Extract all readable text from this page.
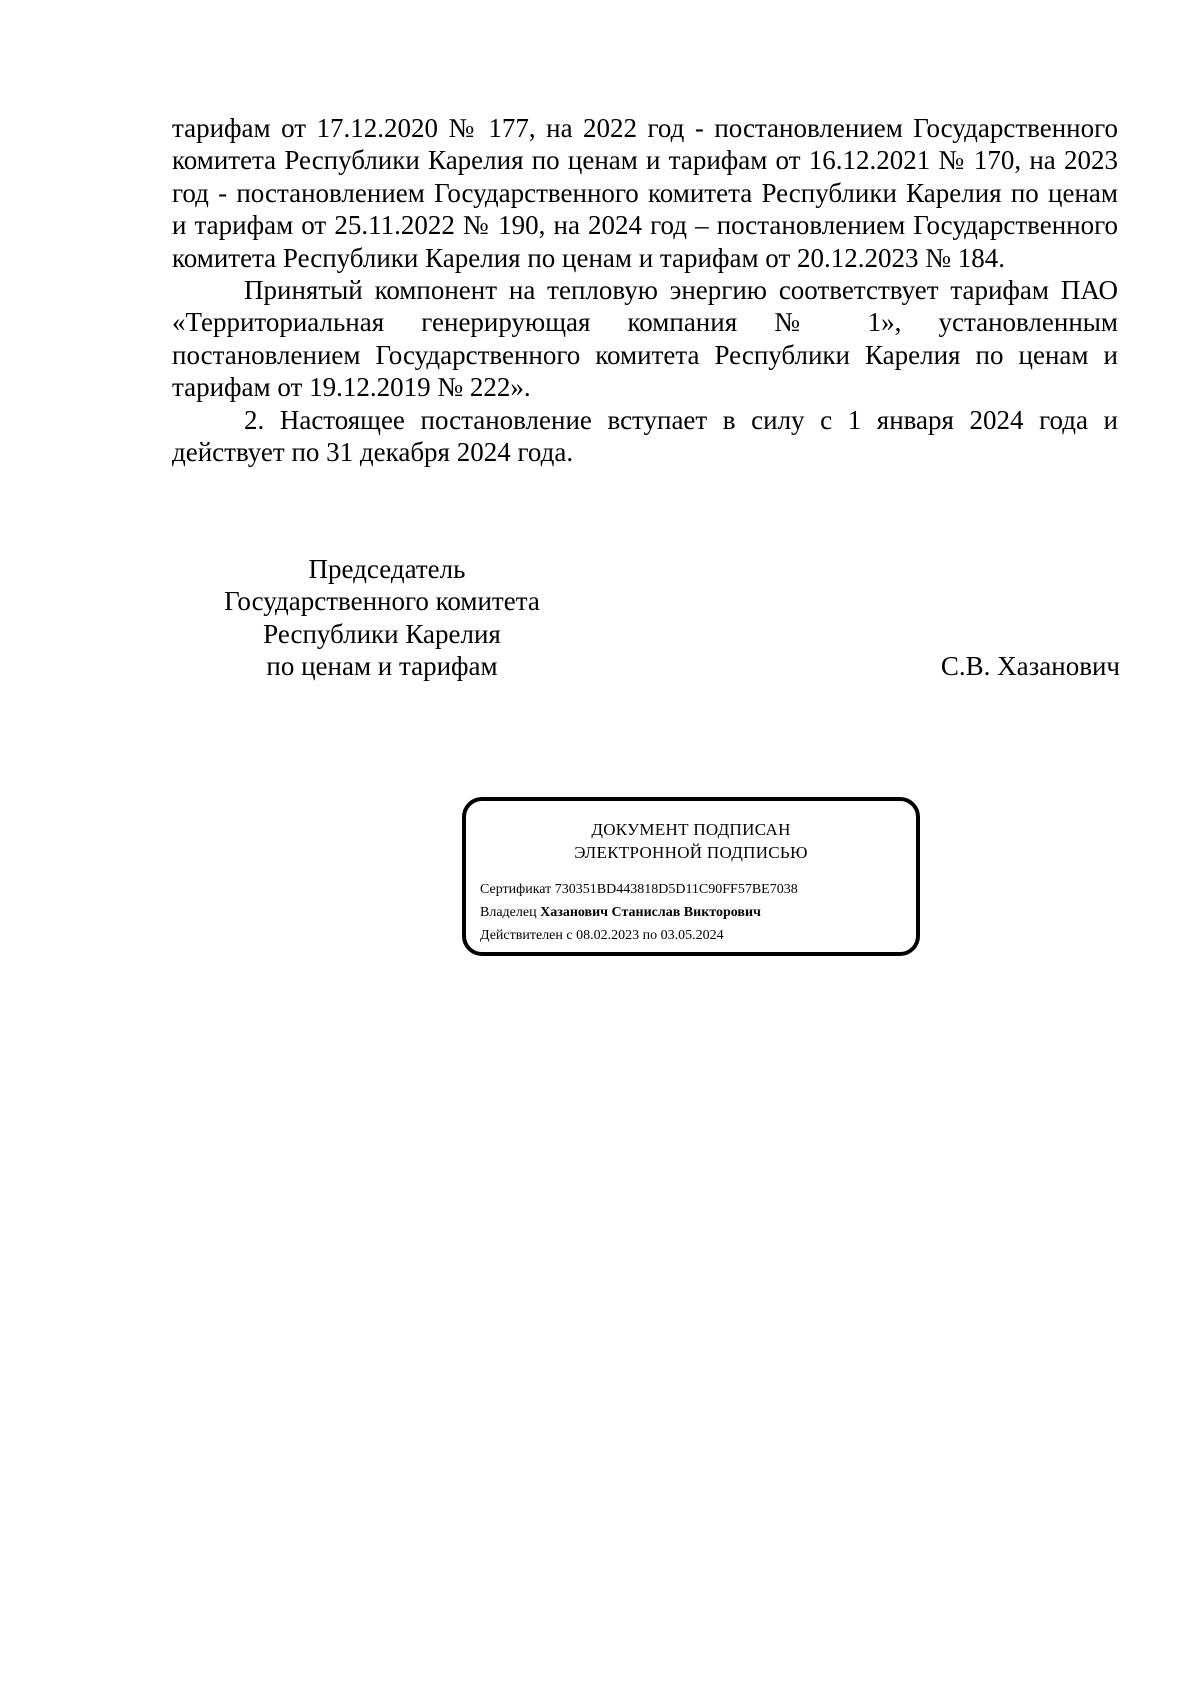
тарифам от 17.12.2020 № 177, на 2022 год - постановлением Государственного комитета Республики Карелия по ценам и тарифам от 16.12.2021 № 170, на 2023 год - постановлением Государственного комитета Республики Карелия по ценам и тарифам от 25.11.2022 № 190, на 2024 год – постановлением Государственного комитета Республики Карелия по ценам и тарифам от 20.12.2023 № 184.

Принятый компонент на тепловую энергию соответствует тарифам ПАО «Территориальная генерирующая компания № 1», установленным постановлением Государственного комитета Республики Карелия по ценам и тарифам от 19.12.2019 № 222».

2. Настоящее постановление вступает в силу с 1 января 2024 года и действует по 31 декабря 2024 года.

Председатель
Государственного комитета
Республики Карелия
по ценам и тарифам	С.В. Хазанович
ДОКУМЕНТ ПОДПИСАН
ЭЛЕКТРОННОЙ ПОДПИСЬЮ
Сертификат 730351BD443818D5D11C90FF57BE7038
Владелец Хазанович Станислав Викторович
Действителен с 08.02.2023 по 03.05.2024
